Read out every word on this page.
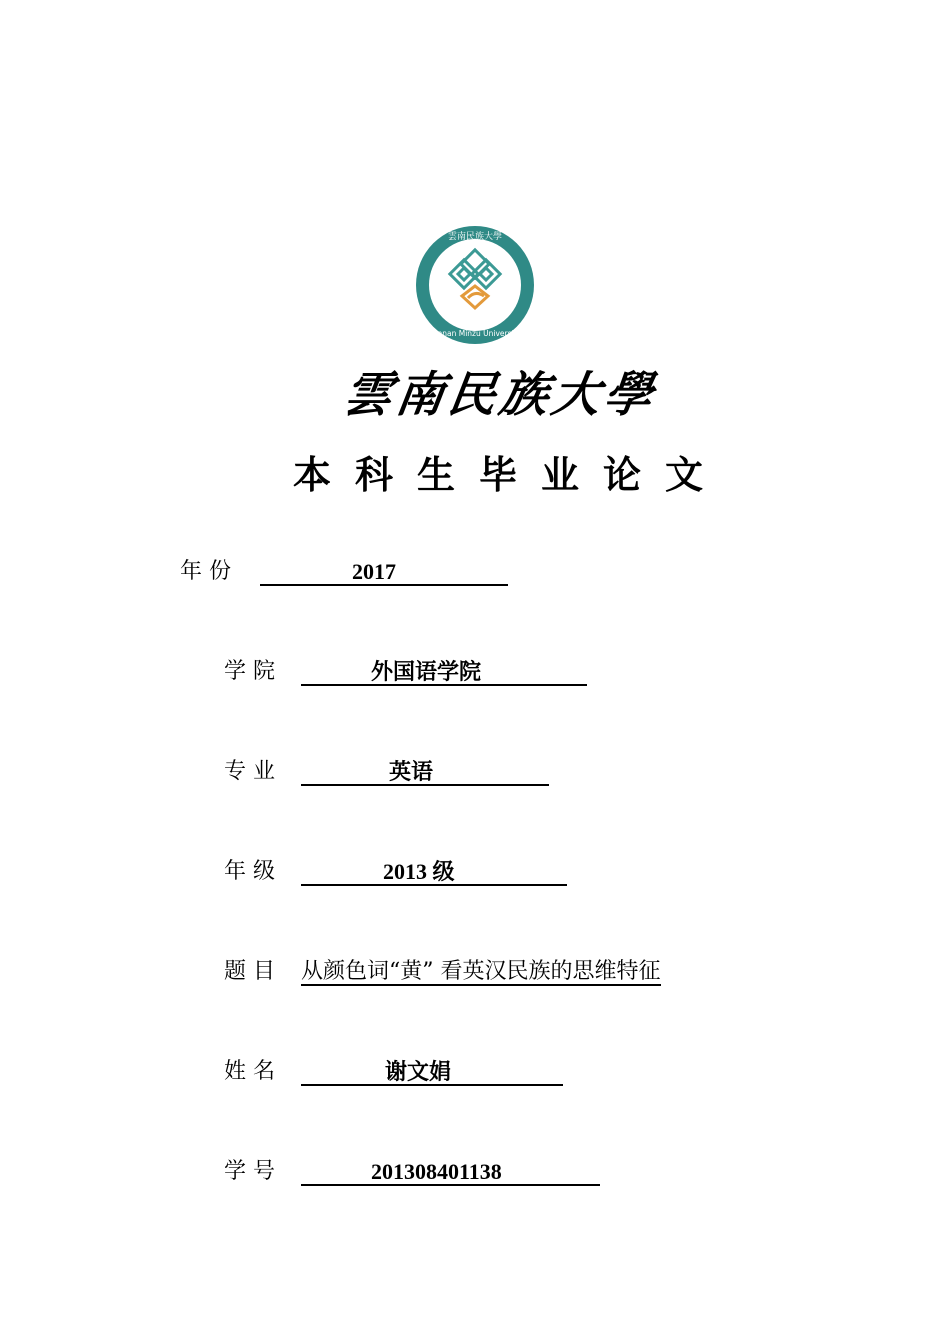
Yunnan Minzu University
雲南民族大學
雲南民族大學
本科生毕业论文
年 份	2017
学 院	外国语学院
专 业	英语
年 级	2013 级
题 目 从颜色词“黄” 看英汉民族的思维特征
姓 名	谢文娟
学 号	201308401138
